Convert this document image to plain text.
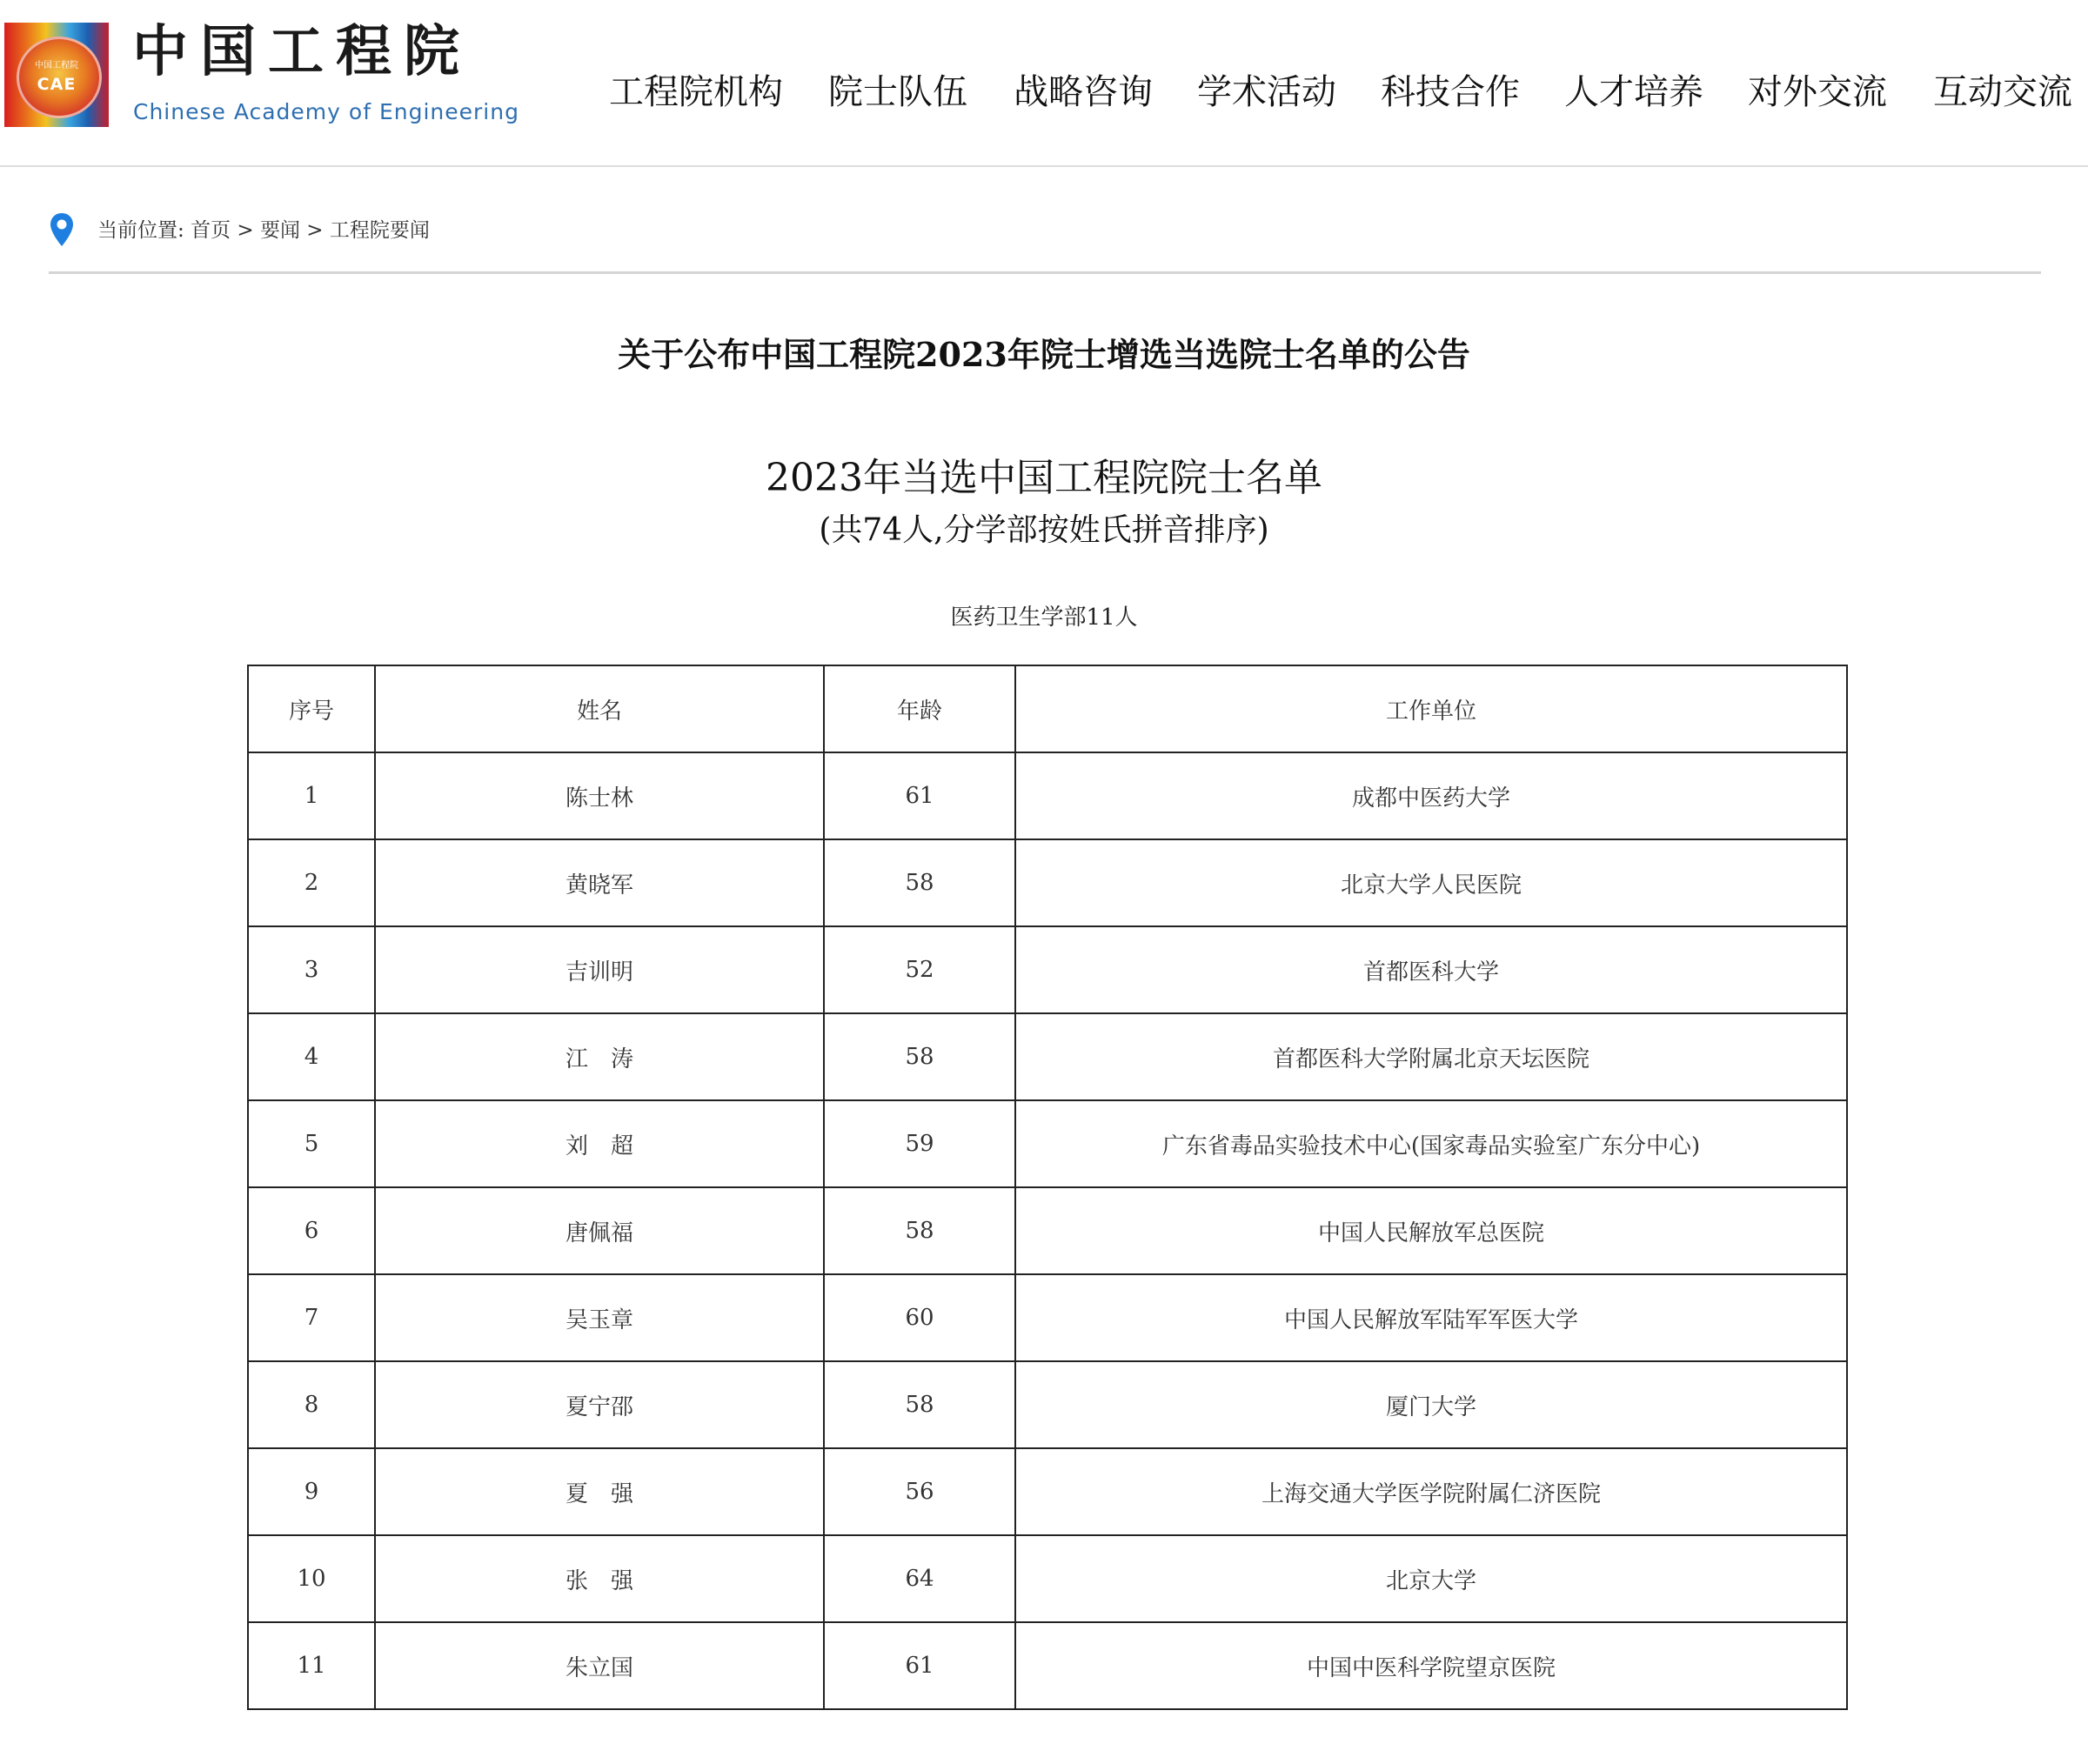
中国工程院
CAE 中国工程院
Chinese Academy of Engineering	工程院机构 院士队伍 战略咨询 学术活动 科技合作 人才培养 对外交流 互动交流
当前位置: 首页 > 要闻 > 工程院要闻
关于公布中国工程院2023年院士增选当选院士名单的公告
2023年当选中国工程院院士名单
(共74人,分学部按姓氏拼音排序)
医药卫生学部11人
序号	姓名	年龄	工作单位
1	陈士林	61	成都中医药大学
2	黄晓军	58	北京大学人民医院
3	吉训明	52	首都医科大学
4	江　涛	58	首都医科大学附属北京天坛医院
5	刘　超	59	广东省毒品实验技术中心(国家毒品实验室广东分中心)
6	唐佩福	58	中国人民解放军总医院
7	吴玉章	60	中国人民解放军陆军军医大学
8	夏宁邵	58	厦门大学
9	夏　强	56	上海交通大学医学院附属仁济医院
10	张　强	64	北京大学
11	朱立国	61	中国中医科学院望京医院
